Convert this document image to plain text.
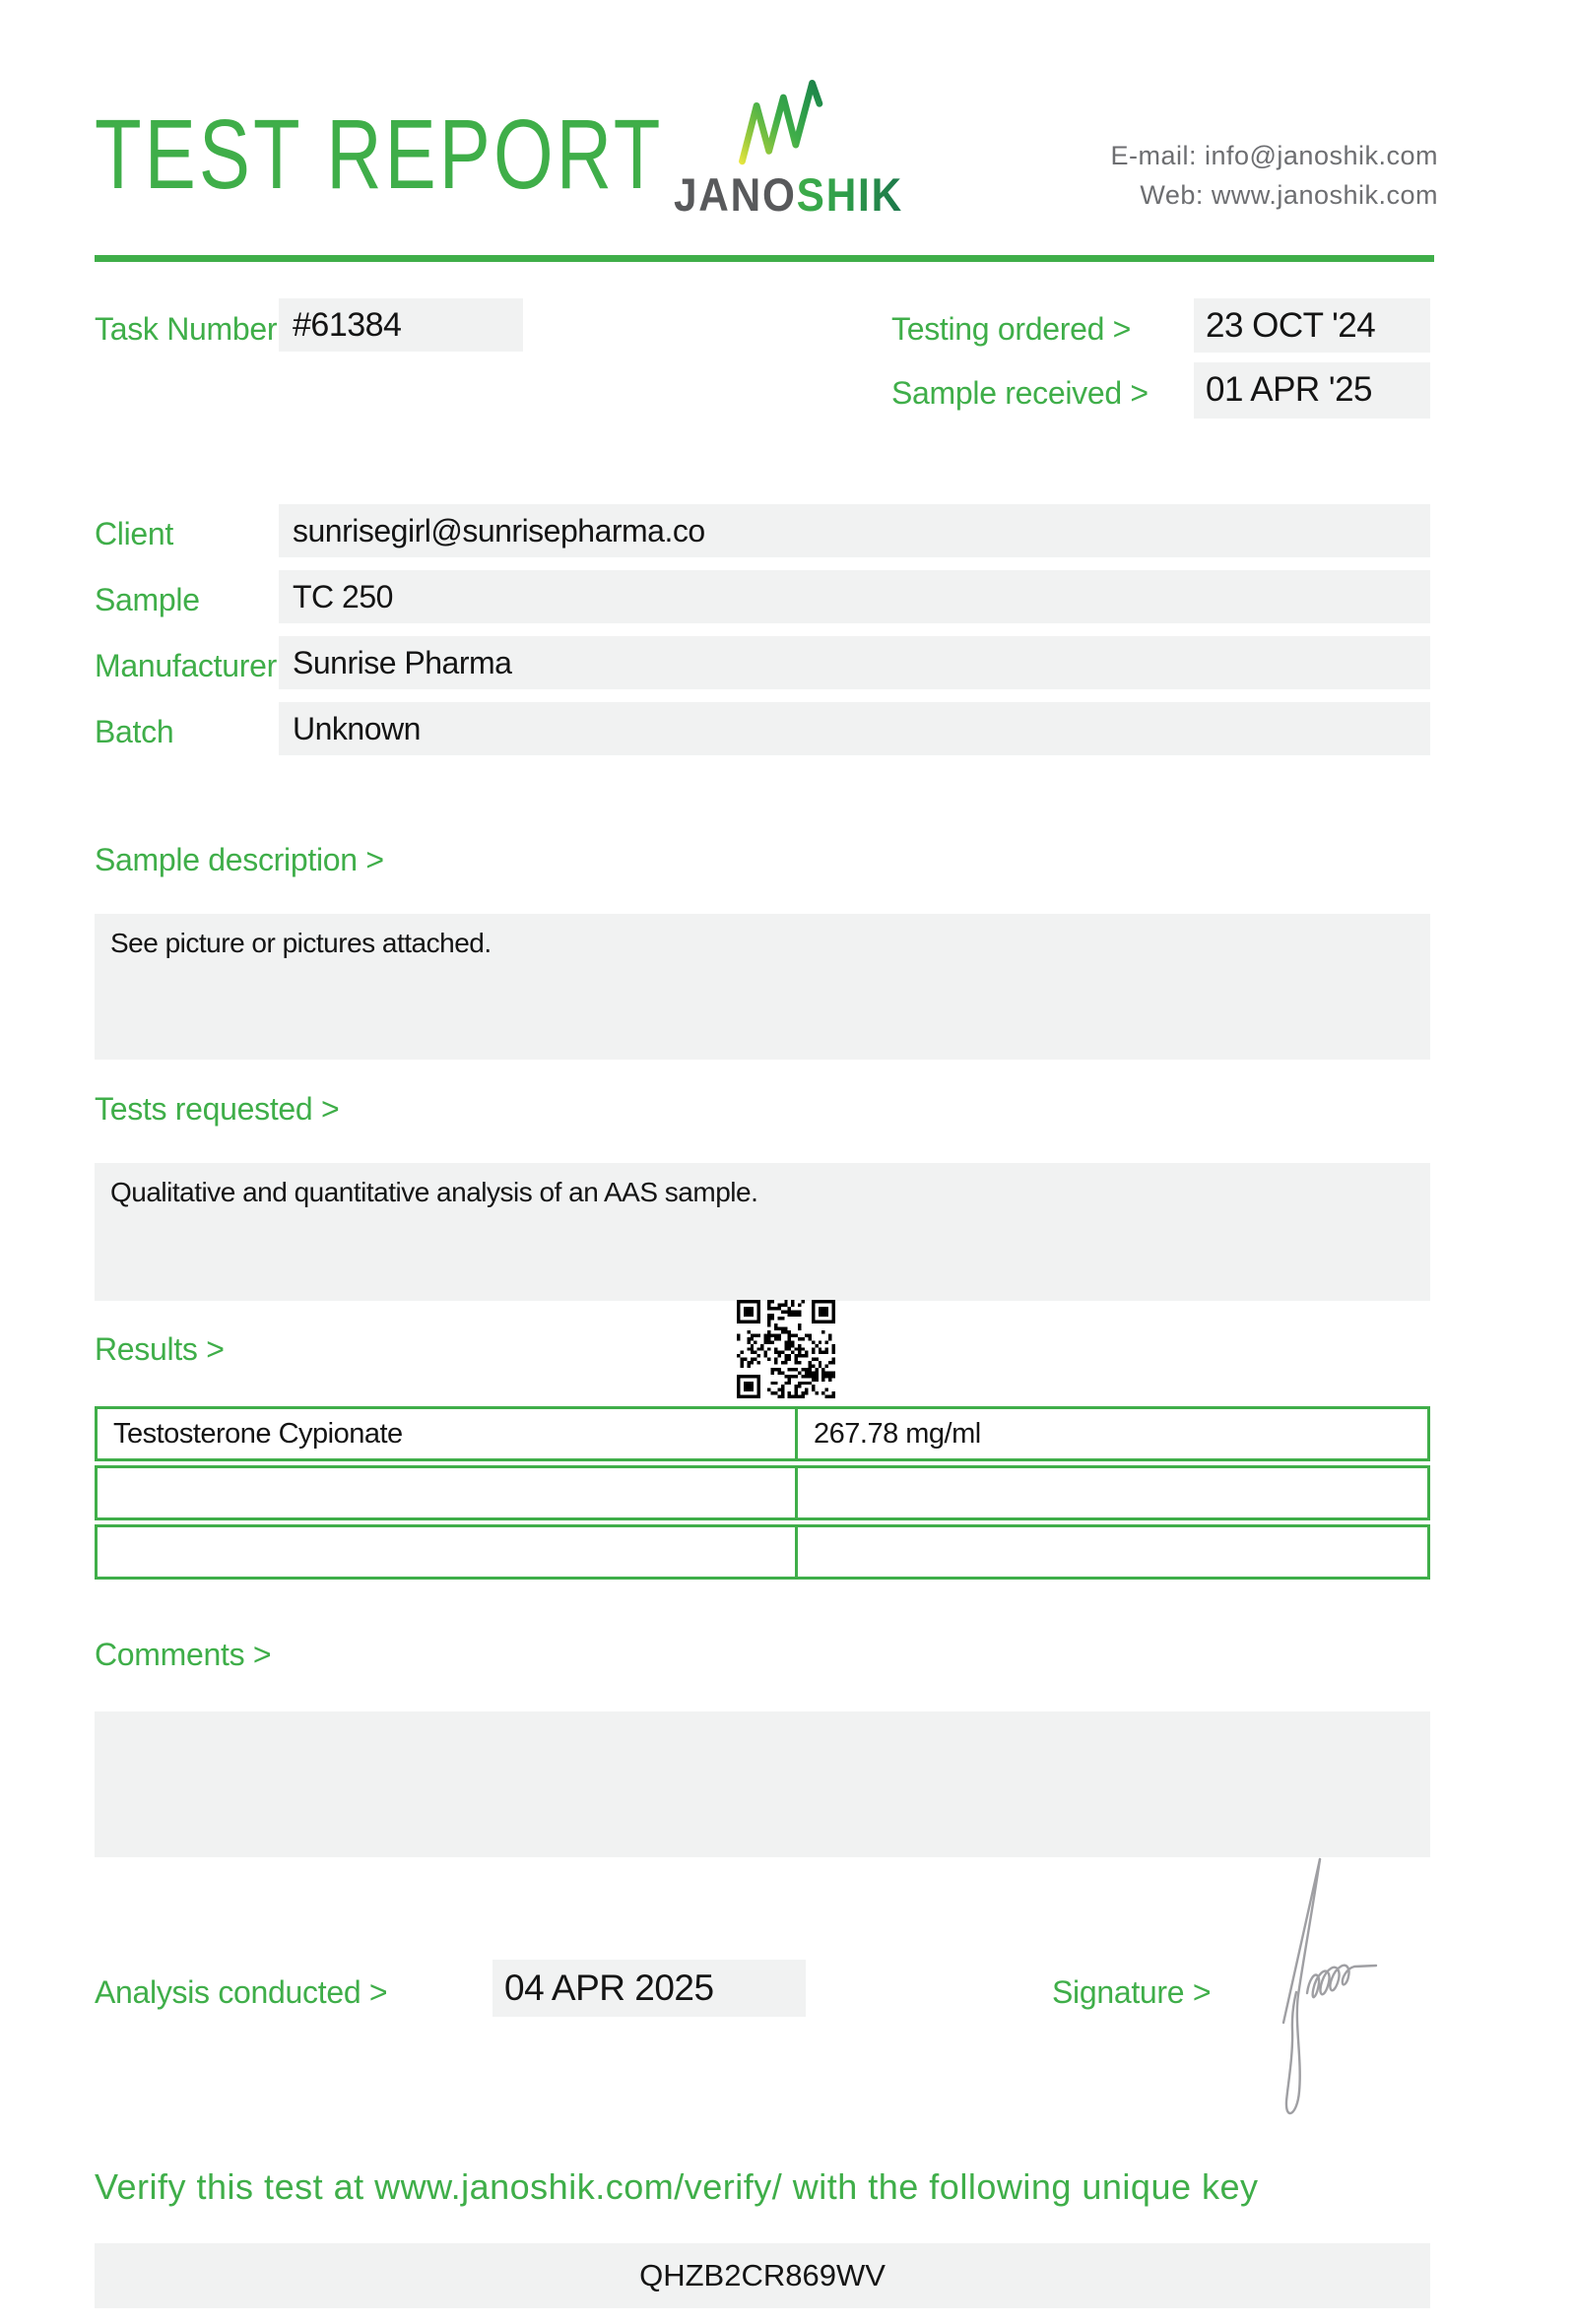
TEST REPORT JANOSHIK
E-mail: info@janoshik.com
Web: www.janoshik.com
Task Number #61384	Testing ordered >	23 OCT '24
Sample received >	01 APR '25
Client	sunrisegirl@sunrisepharma.co
Sample	TC 250
Manufacturer Sunrise Pharma
Batch	Unknown
Sample description >
See picture or pictures attached.
Tests requested >
Qualitative and quantitative analysis of an AAS sample.
Results >
Testosterone Cypionate	267.78 mg/ml
Comments >
Analysis conducted >	04 APR 2025	Signature >
Verify this test at www.janoshik.com/verify/ with the following unique key
QHZB2CR869WV
